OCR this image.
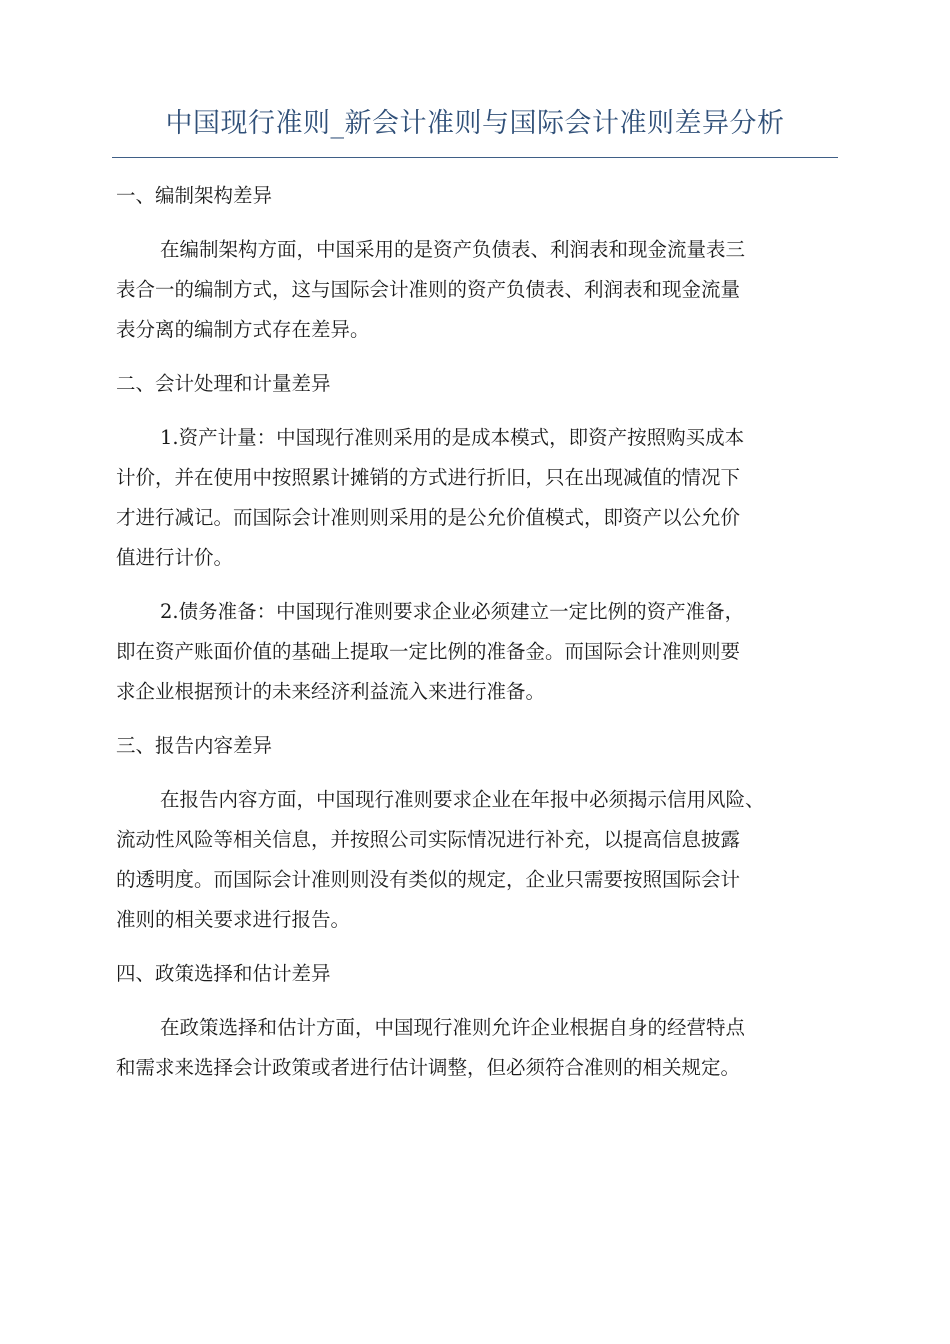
中国现行准则_新会计准则与国际会计准则差异分析
一、编制架构差异
在编制架构方面，中国采用的是资产负债表、利润表和现金流量表三
表合一的编制方式，这与国际会计准则的资产负债表、利润表和现金流量
表分离的编制方式存在差异。
二、会计处理和计量差异
1.资产计量：中国现行准则采用的是成本模式，即资产按照购买成本
计价，并在使用中按照累计摊销的方式进行折旧，只在出现减值的情况下
才进行减记。而国际会计准则则采用的是公允价值模式，即资产以公允价
值进行计价。
2.债务准备：中国现行准则要求企业必须建立一定比例的资产准备，
即在资产账面价值的基础上提取一定比例的准备金。而国际会计准则则要
求企业根据预计的未来经济利益流入来进行准备。
三、报告内容差异
在报告内容方面，中国现行准则要求企业在年报中必须揭示信用风险、
流动性风险等相关信息，并按照公司实际情况进行补充，以提高信息披露
的透明度。而国际会计准则则没有类似的规定，企业只需要按照国际会计
准则的相关要求进行报告。
四、政策选择和估计差异
在政策选择和估计方面，中国现行准则允许企业根据自身的经营特点
和需求来选择会计政策或者进行估计调整，但必须符合准则的相关规定。
